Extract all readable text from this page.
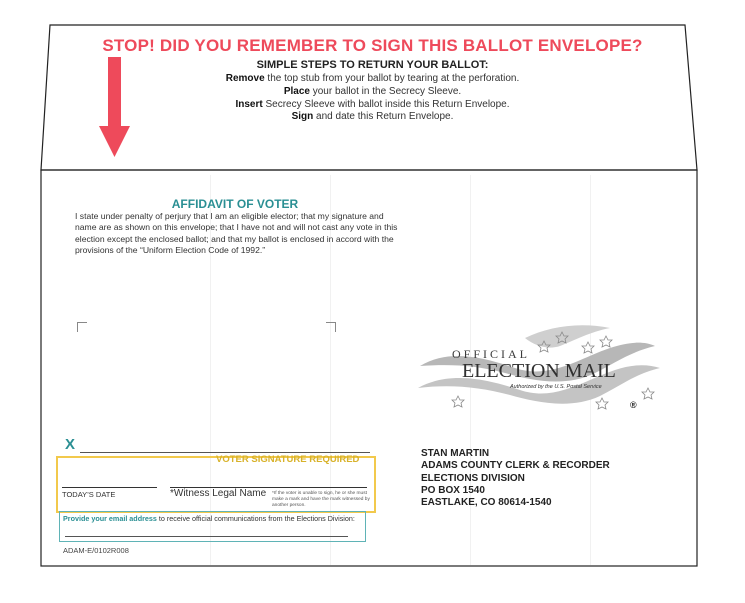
STOP! DID YOU REMEMBER TO SIGN THIS BALLOT ENVELOPE?
SIMPLE STEPS TO RETURN YOUR BALLOT:
Remove the top stub from your ballot by tearing at the perforation.
Place your ballot in the Secrecy Sleeve.
Insert Secrecy Sleeve with ballot inside this Return Envelope.
Sign and date this Return Envelope.
AFFIDAVIT OF VOTER
I state under penalty of perjury that I am an eligible elector; that my signature and name are as shown on this envelope; that I have not and will not cast any vote in this election except the enclosed ballot; and that my ballot is enclosed in accord with the provisions of the “Uniform Election Code of 1992.”
X
VOTER SIGNATURE REQUIRED
TODAY’S DATE	*Witness Legal Name *If the voter is unable to sign, he or she must make a mark and have the mark witnessed by another person.
Provide your email address to receive official communications from the Elections Division:
ADAM-E/0102R008
OFFICIAL
ELECTION MAIL
Authorized by the U.S. Postal Service
®
STAN MARTIN
ADAMS COUNTY CLERK & RECORDER
ELECTIONS DIVISION
PO BOX 1540
EASTLAKE, CO 80614-1540
